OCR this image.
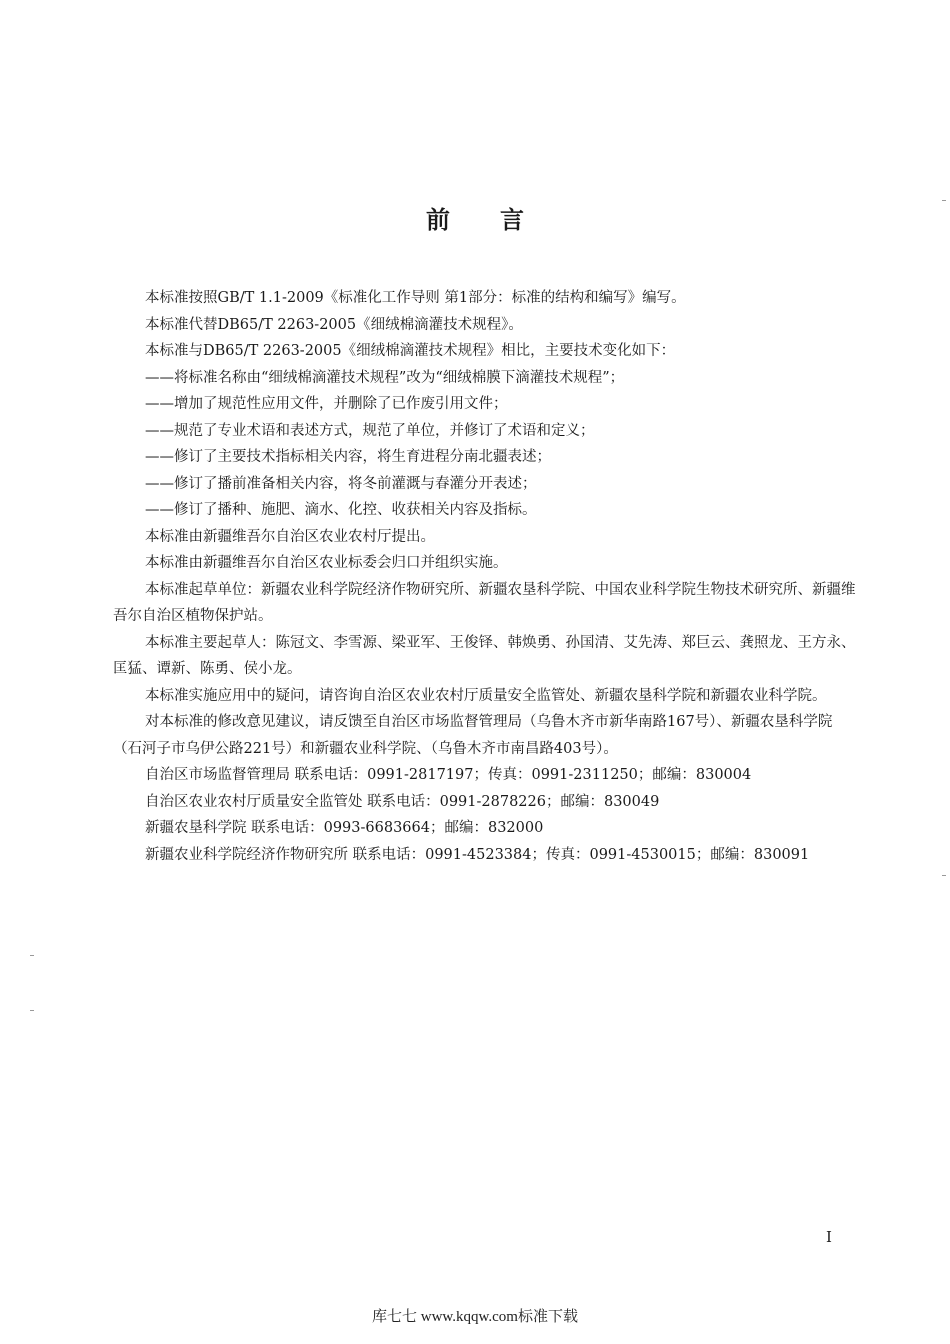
前言

本标准按照GB/T 1.1-2009《标准化工作导则 第1部分：标准的结构和编写》编写。

本标准代替DB65/T 2263-2005《细绒棉滴灌技术规程》。

本标准与DB65/T 2263-2005《细绒棉滴灌技术规程》相比，主要技术变化如下：

——将标准名称由“细绒棉滴灌技术规程”改为“细绒棉膜下滴灌技术规程”；

——增加了规范性应用文件，并删除了已作废引用文件；

——规范了专业术语和表述方式，规范了单位，并修订了术语和定义；

——修订了主要技术指标相关内容，将生育进程分南北疆表述；

——修订了播前准备相关内容，将冬前灌溉与春灌分开表述；

——修订了播种、施肥、滴水、化控、收获相关内容及指标。

本标准由新疆维吾尔自治区农业农村厅提出。

本标准由新疆维吾尔自治区农业标委会归口并组织实施。

本标准起草单位：新疆农业科学院经济作物研究所、新疆农垦科学院、中国农业科学院生物技术研究所、新疆维吾尔自治区植物保护站。

本标准主要起草人：陈冠文、李雪源、梁亚军、王俊铎、韩焕勇、孙国清、艾先涛、郑巨云、龚照龙、王方永、匡猛、谭新、陈勇、侯小龙。

本标准实施应用中的疑问，请咨询自治区农业农村厅质量安全监管处、新疆农垦科学院和新疆农业科学院。

对本标准的修改意见建议，请反馈至自治区市场监督管理局（乌鲁木齐市新华南路167号）、新疆农垦科学院（石河子市乌伊公路221号）和新疆农业科学院、（乌鲁木齐市南昌路403号）。

自治区市场监督管理局 联系电话：0991-2817197；传真：0991-2311250；邮编：830004

自治区农业农村厅质量安全监管处 联系电话：0991-2878226；邮编：830049

新疆农垦科学院 联系电话：0993-6683664；邮编：832000

新疆农业科学院经济作物研究所 联系电话：0991-4523384；传真：0991-4530015；邮编：830091

I
库七七 www.kqqw.com标准下载
